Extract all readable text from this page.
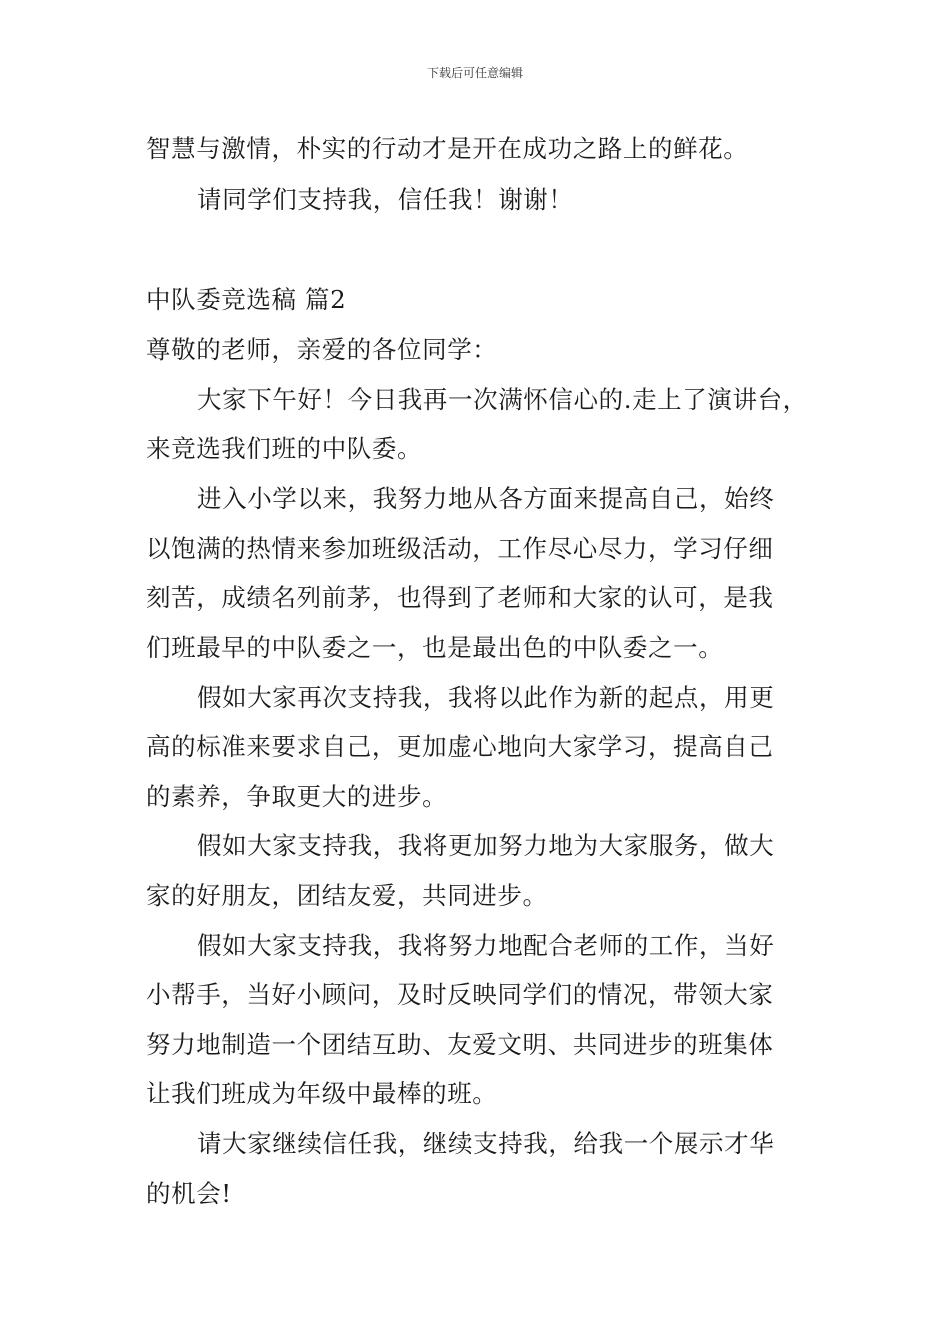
下载后可任意编辑
智慧与激情，朴实的行动才是开在成功之路上的鲜花。
请同学们支持我，信任我！谢谢！
中队委竞选稿 篇2
尊敬的老师，亲爱的各位同学：
大家下午好！今日我再一次满怀信心的.走上了演讲台，
来竞选我们班的中队委。
进入小学以来，我努力地从各方面来提高自己，始终
以饱满的热情来参加班级活动，工作尽心尽力，学习仔细
刻苦，成绩名列前茅，也得到了老师和大家的认可，是我
们班最早的中队委之一，也是最出色的中队委之一。
假如大家再次支持我，我将以此作为新的起点，用更
高的标准来要求自己，更加虚心地向大家学习，提高自己
的素养，争取更大的进步。
假如大家支持我，我将更加努力地为大家服务，做大
家的好朋友，团结友爱，共同进步。
假如大家支持我，我将努力地配合老师的工作，当好
小帮手，当好小顾问，及时反映同学们的情况，带领大家
努力地制造一个团结互助、友爱文明、共同进步的班集体
让我们班成为年级中最棒的班。
请大家继续信任我，继续支持我，给我一个展示才华
的机会!
